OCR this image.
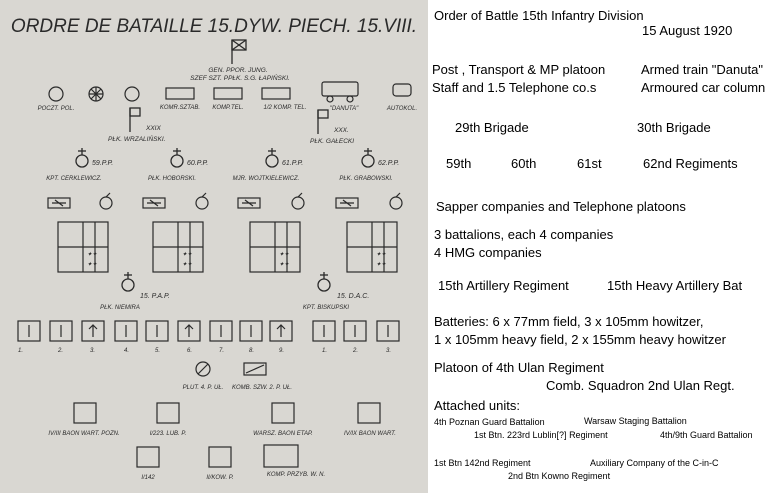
ORDRE DE BATAILLE 15.DYW. PIECH. 15.VIII.
GEN. PPOR. JUNG.
SZEF SZT. PPŁK. S.G. ŁAPIŃSKI.
POCZT. POL.	KOMR.SZTAB. KOMP.TEL.	1/2 KOMP. TEL.	"DANUTA"	AUTOKOL.
XXIX
PŁK. WRZALIŃSKI.
XXX.
PŁK. GAŁECKI
59.P.P.	60.P.P.	61.P.P.	62.P.P.
KPT. CERKLEWICZ.	PŁK. HOBORSKI.	MJR. WOJTKIELEWICZ.	PŁK. GRABOWSKI.
✦✦
✦✦
✦✦
✦✦
✦✦
✦✦
✦✦
✦✦
15. P.A.P.
PŁK. NIEMIRA
15. D.A.C.
KPT. BISKUPSKI
1.	2.	3.	4.	5.	6.	7.	8.	9.	1.	2.	3.
PLUT. 4. P. UŁ. KOMB. SZW. 2. P. UŁ.
IV/III BAON WART. POZN.	I/223. LUB. P.	WARSZ. BAON ETAP.	IV/IX BAON WART.
I/142	II/KOW. P.	KOMP. PRZYB. W. N.
Order of Battle 15th Infantry Division
15 August 1920
Post , Transport & MP platoon	Armed train "Danuta"
Staff and 1.5 Telephone co.s	Armoured car column
29th Brigade	30th Brigade
59th	60th	61st	62nd Regiments
Sapper companies and Telephone platoons
3 battalions, each 4 companies
4 HMG companies
15th Artillery Regiment	15th Heavy Artillery Bat
Batteries: 6 x 77mm field, 3 x 105mm howitzer,
1 x 105mm heavy field, 2 x 155mm heavy howitzer
Platoon of 4th Ulan Regiment
Comb. Squadron 2nd Ulan Regt.
Attached units:
4th Poznan Guard Battalion	Warsaw Staging Battalion
1st Btn. 223rd Lublin[?] Regiment	4th/9th Guard Battalion
1st Btn 142nd Regiment	Auxiliary Company of the C-in-C
2nd Btn Kowno Regiment
